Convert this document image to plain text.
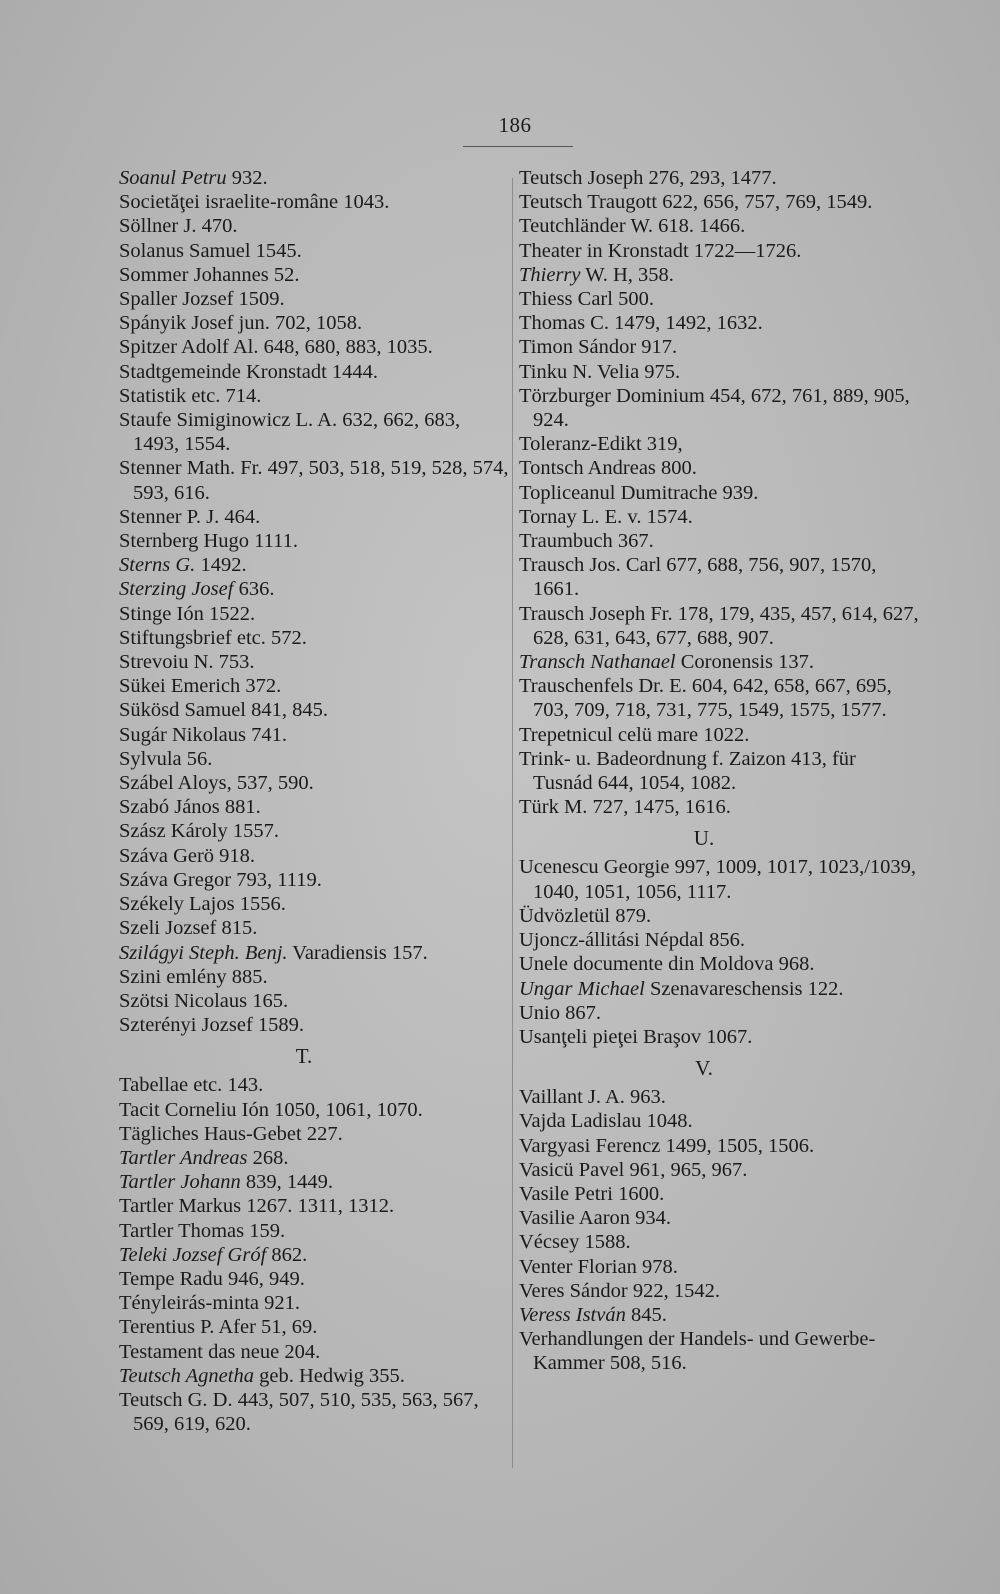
186

Soanul Petru 932.

Societăţei israelite-române 1043.

Söllner J. 470.

Solanus Samuel 1545.

Sommer Johannes 52.

Spaller Jozsef 1509.

Spányik Josef jun. 702, 1058.

Spitzer Adolf Al. 648, 680, 883, 1035.

Stadtgemeinde Kronstadt 1444.

Statistik etc. 714.

Staufe Simiginowicz L. A. 632, 662, 683, 1493, 1554.

Stenner Math. Fr. 497, 503, 518, 519, 528, 574, 593, 616.

Stenner P. J. 464.

Sternberg Hugo 1111.

Sterns G. 1492.

Sterzing Josef 636.

Stinge Ión 1522.

Stiftungsbrief etc. 572.

Strevoiu N. 753.

Sükei Emerich 372.

Sükösd Samuel 841, 845.

Sugár Nikolaus 741.

Sylvula 56.

Szábel Aloys, 537, 590.

Szabó János 881.

Szász Károly 1557.

Száva Gerö 918.

Száva Gregor 793, 1119.

Székely Lajos 1556.

Szeli Jozsef 815.

Szilágyi Steph. Benj. Varadiensis 157.

Szini emlény 885.

Szötsi Nicolaus 165.

Szterényi Jozsef 1589.

T.

Tabellae etc. 143.

Tacit Corneliu Ión 1050, 1061, 1070.

Tägliches Haus-Gebet 227.

Tartler Andreas 268.

Tartler Johann 839, 1449.

Tartler Markus 1267. 1311, 1312.

Tartler Thomas 159.

Teleki Jozsef Gróf 862.

Tempe Radu 946, 949.

Tényleirás-minta 921.

Terentius P. Afer 51, 69.

Testament das neue 204.

Teutsch Agnetha geb. Hedwig 355.

Teutsch G. D. 443, 507, 510, 535, 563, 567, 569, 619, 620.

Teutsch Joseph 276, 293, 1477.

Teutsch Traugott 622, 656, 757, 769, 1549.

Teutchländer W. 618. 1466.

Theater in Kronstadt 1722—1726.

Thierry W. H, 358.

Thiess Carl 500.

Thomas C. 1479, 1492, 1632.

Timon Sándor 917.

Tinku N. Velia 975.

Törzburger Dominium 454, 672, 761, 889, 905, 924.

Toleranz-Edikt 319,

Tontsch Andreas 800.

Topliceanul Dumitrache 939.

Tornay L. E. v. 1574.

Traumbuch 367.

Trausch Jos. Carl 677, 688, 756, 907, 1570, 1661.

Trausch Joseph Fr. 178, 179, 435, 457, 614, 627, 628, 631, 643, 677, 688, 907.

Transch Nathanael Coronensis 137.

Trauschenfels Dr. E. 604, 642, 658, 667, 695, 703, 709, 718, 731, 775, 1549, 1575, 1577.

Trepetnicul celü mare 1022.

Trink- u. Badeordnung f. Zaizon 413, für Tusnád 644, 1054, 1082.

Türk M. 727, 1475, 1616.

U.

Ucenescu Georgie 997, 1009, 1017, 1023,/1039, 1040, 1051, 1056, 1117.

Üdvözletül 879.

Ujoncz-állitási Népdal 856.

Unele documente din Moldova 968.

Ungar Michael Szenavareschensis 122.

Unio 867.

Usanţeli pieţei Braşov 1067.

V.

Vaillant J. A. 963.

Vajda Ladislau 1048.

Vargyasi Ferencz 1499, 1505, 1506.

Vasicü Pavel 961, 965, 967.

Vasile Petri 1600.

Vasilie Aaron 934.

Vécsey 1588.

Venter Florian 978.

Veres Sándor 922, 1542.

Veress István 845.

Verhandlungen der Handels- und Gewerbe-Kammer 508, 516.
